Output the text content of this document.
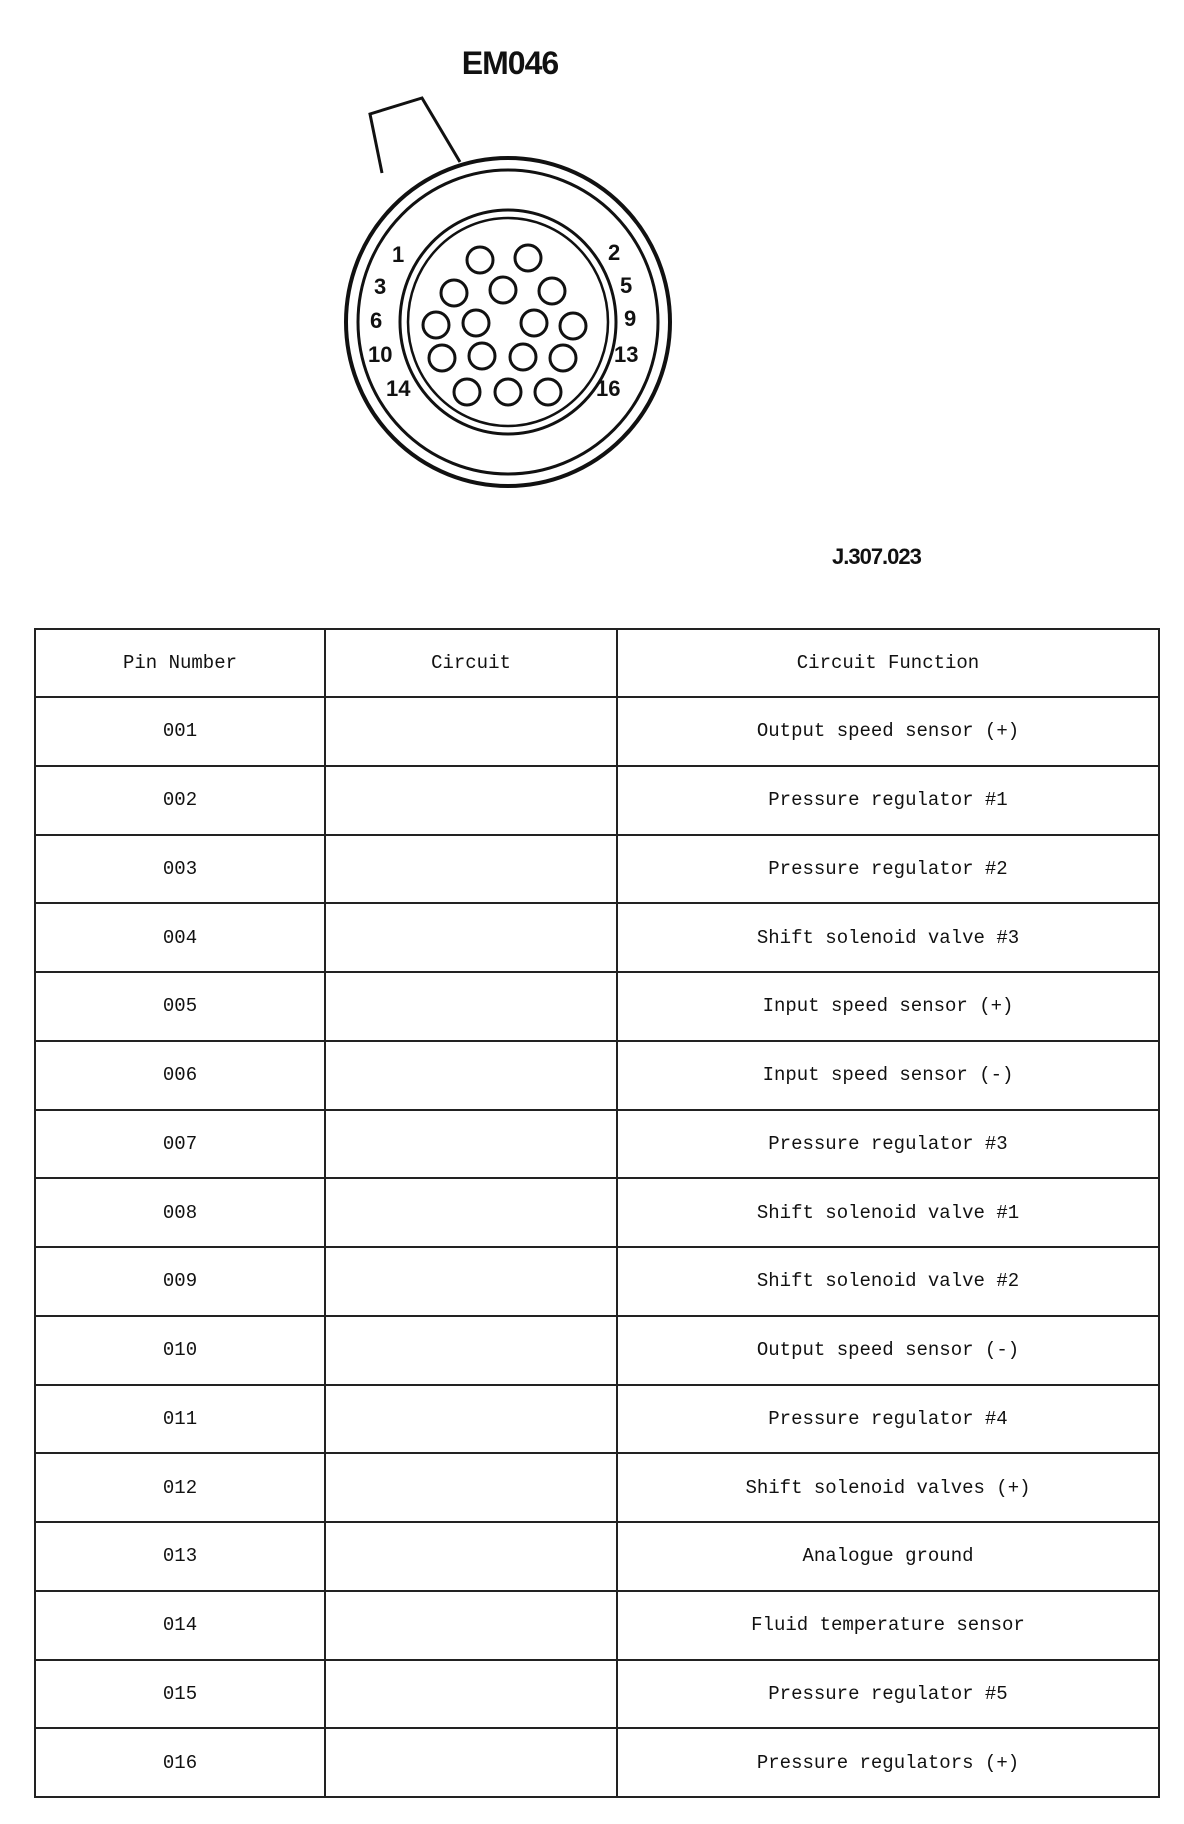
EM046
1
3
6
10
14
2
5
9
13
16
J.307.023
Pin Number	Circuit	Circuit Function
001		Output speed sensor (+)
002		Pressure regulator #1
003		Pressure regulator #2
004		Shift solenoid valve #3
005		Input speed sensor (+)
006		Input speed sensor (-)
007		Pressure regulator #3
008		Shift solenoid valve #1
009		Shift solenoid valve #2
010		Output speed sensor (-)
011		Pressure regulator #4
012		Shift solenoid valves (+)
013		Analogue ground
014		Fluid temperature sensor
015		Pressure regulator #5
016		Pressure regulators (+)
